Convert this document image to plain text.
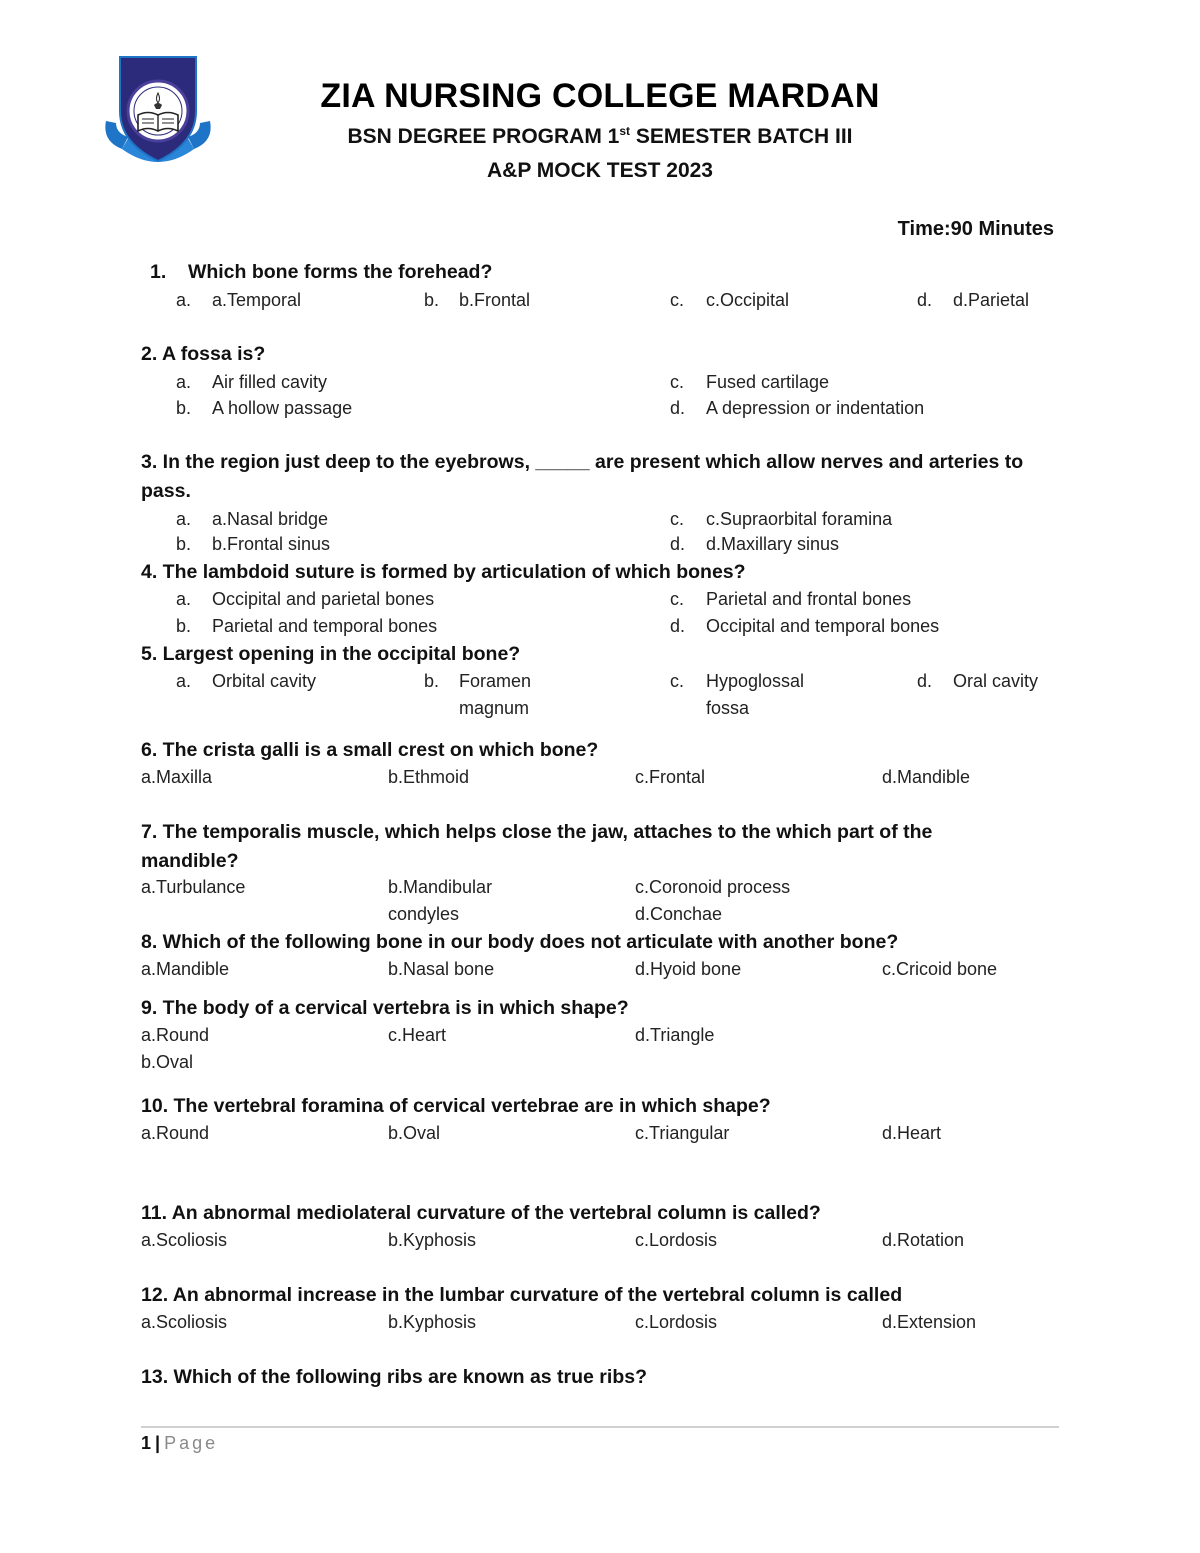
ZIA NURSING COLLEGE MARDAN
BSN DEGREE PROGRAM 1st SEMESTER BATCH III
A&P MOCK TEST 2023
Time:90 Minutes
1. Which bone forms the forehead?
a. a.Temporal	b. b.Frontal	c. c.Occipital	d. d.Parietal
2. A fossa is?
a. Air filled cavity
b. A hollow passage
c. Fused cartilage
d. A depression or indentation
3. In the region just deep to the eyebrows, _____ are present which allow nerves and arteries to pass.
a. a.Nasal bridge
b. b.Frontal sinus
c. c.Supraorbital foramina
d. d.Maxillary sinus
4. The lambdoid suture is formed by articulation of which bones?
a. Occipital and parietal bones
b. Parietal and temporal bones
c. Parietal and frontal bones
d. Occipital and temporal bones
5. Largest opening in the occipital bone?
a. Orbital cavity	b. Foramen magnum
c. Hypoglossal fossa
d. Oral cavity
6. The crista galli is a small crest on which bone?
a.Maxilla	b.Ethmoid	c.Frontal	d.Mandible
7. The temporalis muscle, which helps close the jaw, attaches to the which part of the mandible?
a.Turbulance	b.Mandibular condyles
c.Coronoid process
d.Conchae
8. Which of the following bone in our body does not articulate with another bone?
a.Mandible	b.Nasal bone	d.Hyoid bone	c.Cricoid bone
9. The body of a cervical vertebra is in which shape?
a.Round	c.Heart	d.Triangle
b.Oval
10. The vertebral foramina of cervical vertebrae are in which shape?
a.Round	b.Oval	c.Triangular	d.Heart
11. An abnormal mediolateral curvature of the vertebral column is called?
a.Scoliosis	b.Kyphosis	c.Lordosis	d.Rotation
12. An abnormal increase in the lumbar curvature of the vertebral column is called
a.Scoliosis	b.Kyphosis	c.Lordosis	d.Extension
13. Which of the following ribs are known as true ribs?
1 | Page
